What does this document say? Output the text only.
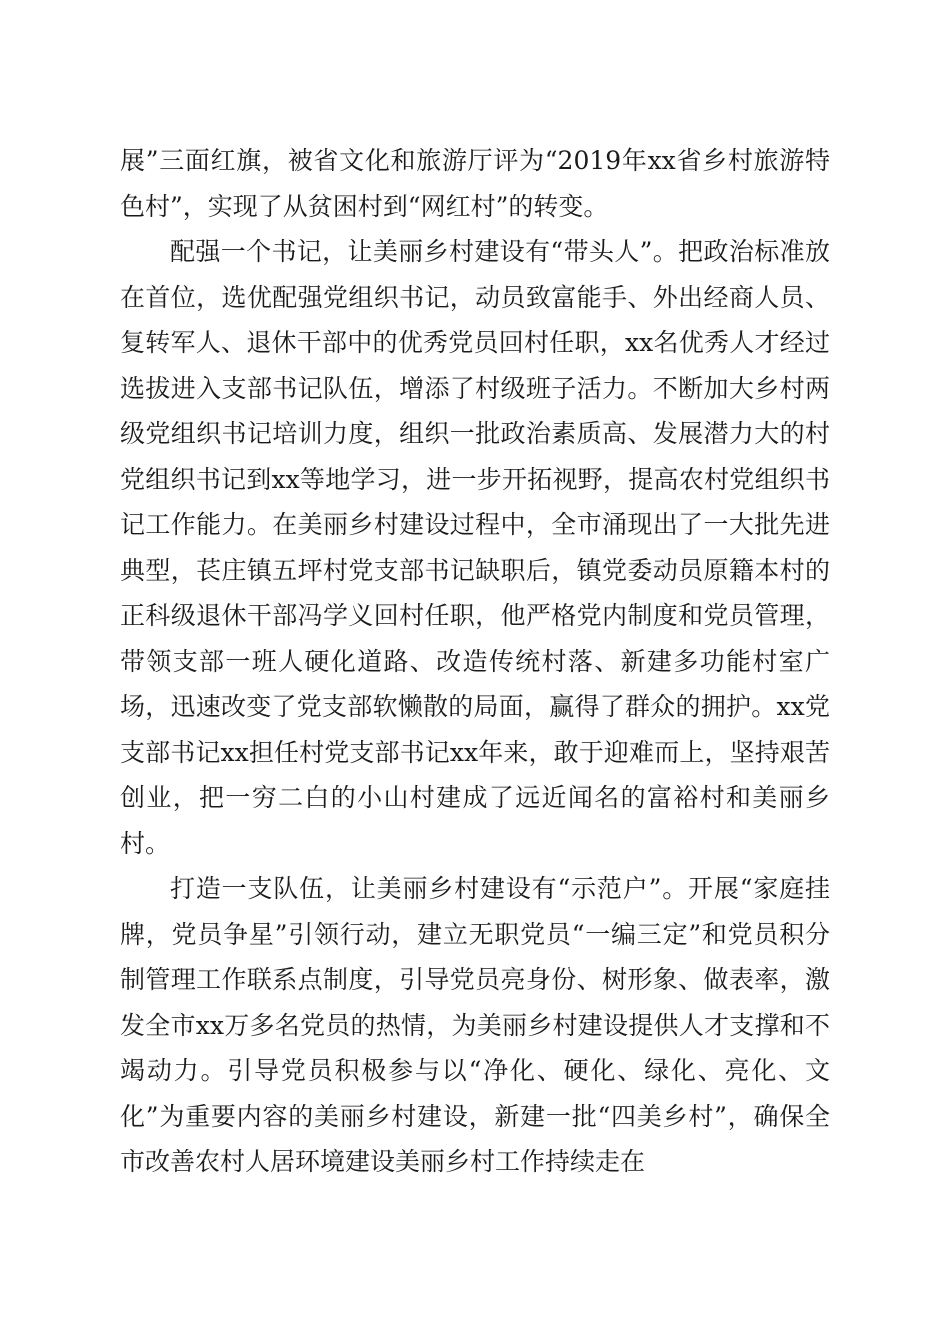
展”三面红旗，被省文化和旅游厅评为“2019年xx省乡村旅游特色村”，实现了从贫困村到“网红村”的转变。

配强一个书记，让美丽乡村建设有“带头人”。把政治标准放在首位，选优配强党组织书记，动员致富能手、外出经商人员、复转军人、退休干部中的优秀党员回村任职，xx名优秀人才经过选拔进入支部书记队伍，增添了村级班子活力。不断加大乡村两级党组织书记培训力度，组织一批政治素质高、发展潜力大的村党组织书记到xx等地学习，进一步开拓视野，提高农村党组织书记工作能力。在美丽乡村建设过程中，全市涌现出了一大批先进典型，苌庄镇五坪村党支部书记缺职后，镇党委动员原籍本村的正科级退休干部冯学义回村任职，他严格党内制度和党员管理，带领支部一班人硬化道路、改造传统村落、新建多功能村室广场，迅速改变了党支部软懒散的局面，赢得了群众的拥护。xx党支部书记xx担任村党支部书记xx年来，敢于迎难而上，坚持艰苦创业，把一穷二白的小山村建成了远近闻名的富裕村和美丽乡村。

打造一支队伍，让美丽乡村建设有“示范户”。开展“家庭挂牌，党员争星”引领行动，建立无职党员“一编三定”和党员积分制管理工作联系点制度，引导党员亮身份、树形象、做表率，激发全市xx万多名党员的热情，为美丽乡村建设提供人才支撑和不竭动力。引导党员积极参与以“净化、硬化、绿化、亮化、文化”为重要内容的美丽乡村建设，新建一批“四美乡村”，确保全市改善农村人居环境建设美丽乡村工作持续走在
